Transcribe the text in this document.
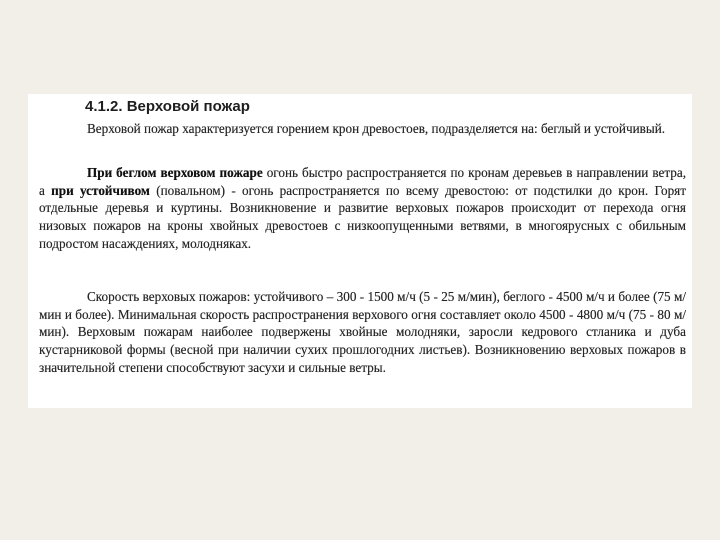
4.1.2. Верховой пожар

Верховой пожар характеризуется горением крон древостоев, подразделяется на: беглый и устойчивый.

При беглом верховом пожаре огонь быстро распространяется по кронам деревьев в направлении ветра, а при устойчивом (повальном) - огонь распространяется по всему древостою: от подстилки до крон. Горят отдельные деревья и куртины. Возникновение и развитие верховых пожаров происходит от перехода огня низовых пожаров на кроны хвойных древостоев с низкоопущенными ветвями, в многоярусных с обильным подростом насаждениях, молодняках.

Скорость верховых пожаров: устойчивого – 300 - 1500 м/ч (5 - 25 м/мин), беглого - 4500 м/ч и более (75 м/мин и более). Минимальная скорость распространения верхового огня составляет около 4500 - 4800 м/ч (75 - 80 м/мин). Верховым пожарам наиболее подвержены хвойные молодняки, заросли кедрового стланика и дуба кустарниковой формы (весной при наличии сухих прошлогодних листьев). Возникновению верховых пожаров в значительной степени способствуют засухи и сильные ветры.
